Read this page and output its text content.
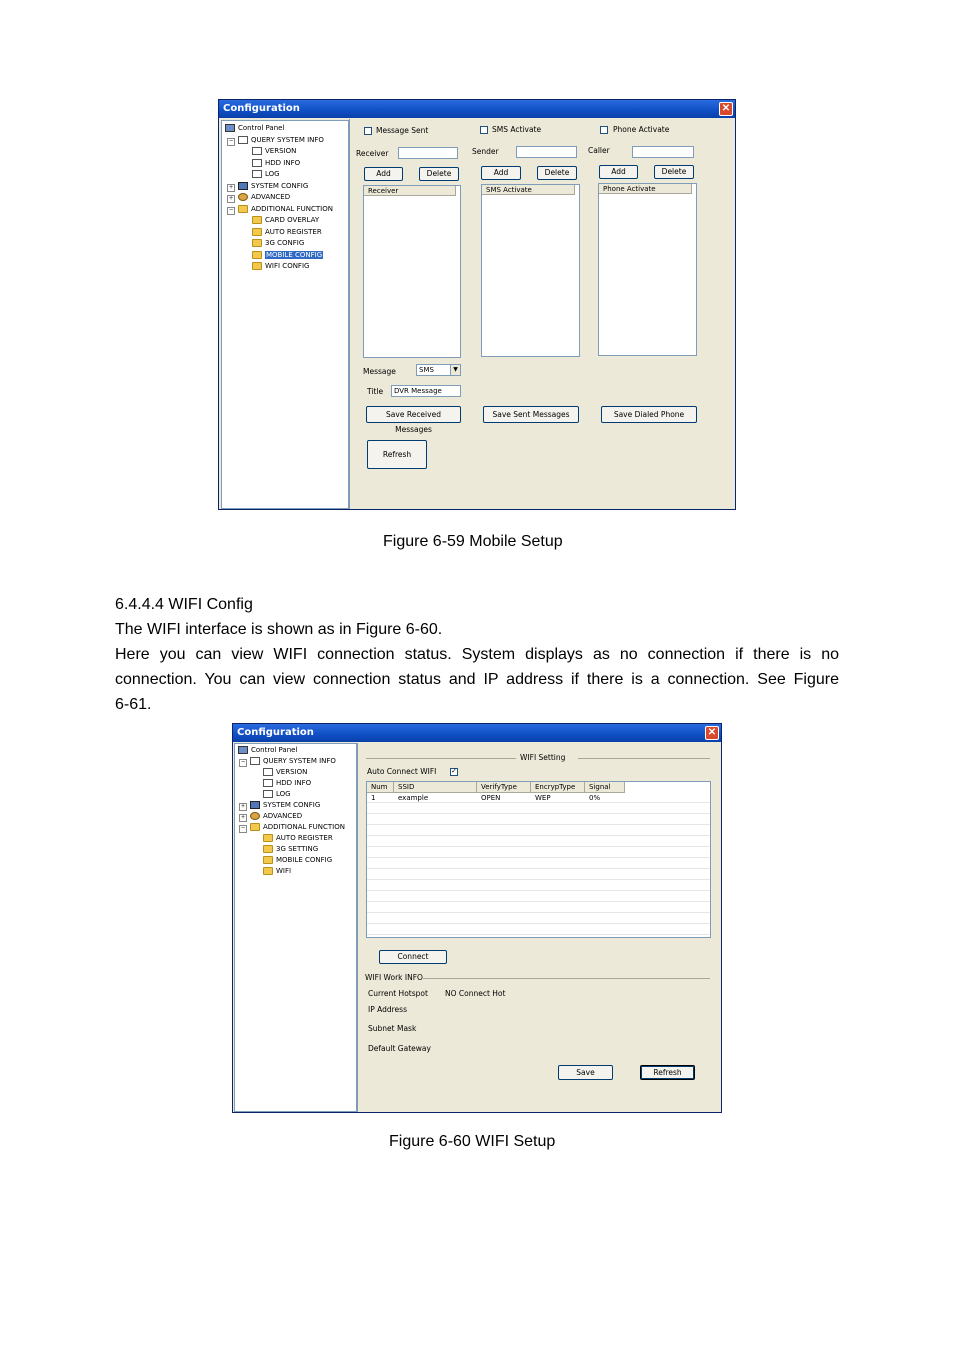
Configuration	✕
Control Panel
−	QUERY SYSTEM INFO
VERSION
HDD INFO
LOG
+	SYSTEM CONFIG
+	ADVANCED
−	ADDITIONAL FUNCTION
CARD OVERLAY
AUTO REGISTER
3G CONFIG
MOBILE CONFIG
WIFI CONFIG
Message Sent	SMS Activate	Phone Activate
Receiver	Sender	Caller
Add	Delete	Add	Delete	Add	Delete
Receiver	SMS Activate	Phone Activate
Message	SMS	▼
Title	DVR Message
Save Received Messages
Save Sent Messages	Save Dialed Phone
Refresh
Figure 6-59 Mobile Setup
6.4.4.4 WIFI Config
The WIFI interface is shown as in Figure 6-60.
Here you can view WIFI connection status. System displays as no connection if there is no
connection. You can view connection status and IP address if there is a connection. See Figure
6-61.
Configuration	✕
Control Panel
−	QUERY SYSTEM INFO
VERSION
HDD INFO
LOG
+	SYSTEM CONFIG
+	ADVANCED
−	ADDITIONAL FUNCTION
AUTO REGISTER
3G SETTING
MOBILE CONFIG
WIFI
WIFI Setting
Auto Connect WIFI ✓
Num	SSID	VerifyType	EncrypType	Signal
1	example	OPEN	WEP	0%
Connect
WIFI Work INFO
Current Hotspot NO Connect Hot
IP Address
Subnet Mask
Default Gateway
Save	Refresh
Figure 6-60 WIFI Setup
